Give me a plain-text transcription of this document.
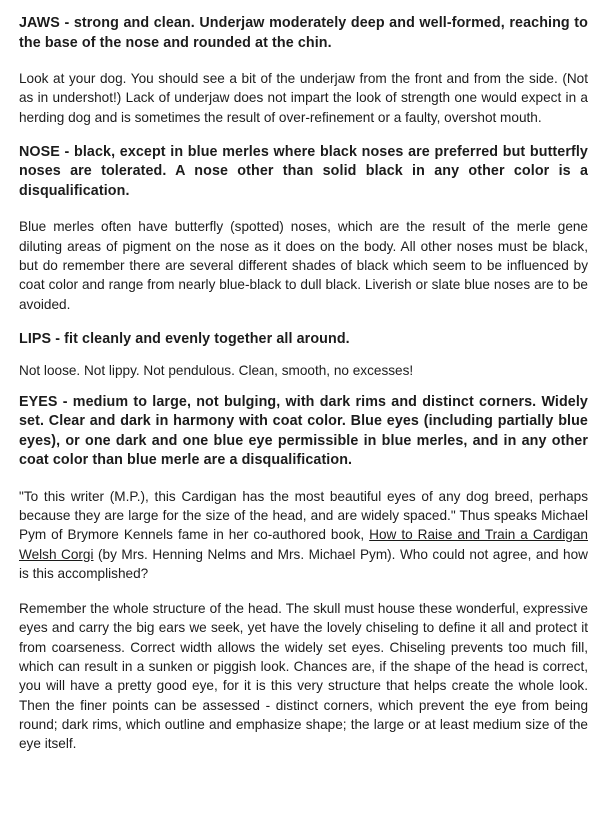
JAWS - strong and clean. Underjaw moderately deep and well-formed, reaching to the base of the nose and rounded at the chin.

Look at your dog. You should see a bit of the underjaw from the front and from the side. (Not as in undershot!) Lack of underjaw does not impart the look of strength one would expect in a herding dog and is sometimes the result of over-refinement or a faulty, overshot mouth.

NOSE - black, except in blue merles where black noses are preferred but butterfly noses are tolerated. A nose other than solid black in any other color is a disqualification.

Blue merles often have butterfly (spotted) noses, which are the result of the merle gene diluting areas of pigment on the nose as it does on the body. All other noses must be black, but do remember there are several different shades of black which seem to be influenced by coat color and range from nearly blue-black to dull black. Liverish or slate blue noses are to be avoided.

LIPS - fit cleanly and evenly together all around.

Not loose. Not lippy. Not pendulous. Clean, smooth, no excesses!

EYES - medium to large, not bulging, with dark rims and distinct corners. Widely set. Clear and dark in harmony with coat color. Blue eyes (including partially blue eyes), or one dark and one blue eye permissible in blue merles, and in any other coat color than blue merle are a disqualification.

"To this writer (M.P.), this Cardigan has the most beautiful eyes of any dog breed, perhaps because they are large for the size of the head, and are widely spaced." Thus speaks Michael Pym of Brymore Kennels fame in her co-authored book, How to Raise and Train a Cardigan Welsh Corgi (by Mrs. Henning Nelms and Mrs. Michael Pym). Who could not agree, and how is this accomplished?

Remember the whole structure of the head. The skull must house these wonderful, expressive eyes and carry the big ears we seek, yet have the lovely chiseling to define it all and protect it from coarseness. Correct width allows the widely set eyes. Chiseling prevents too much fill, which can result in a sunken or piggish look. Chances are, if the shape of the head is correct, you will have a pretty good eye, for it is this very structure that helps create the whole look. Then the finer points can be assessed - distinct corners, which prevent the eye from being round; dark rims, which outline and emphasize shape; the large or at least medium size of the eye itself.
